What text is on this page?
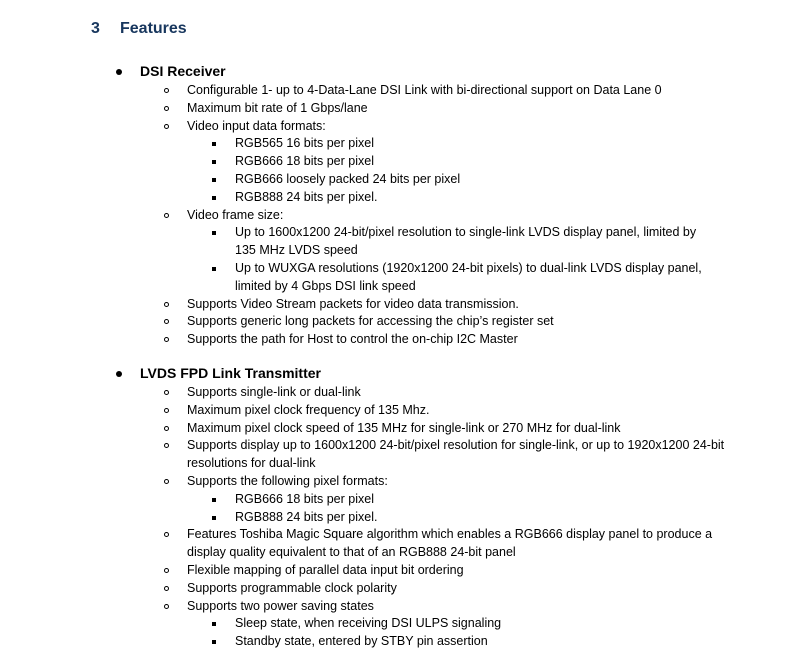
3 Features
DSI Receiver
Configurable 1- up to 4-Data-Lane DSI Link with bi-directional support on Data Lane 0
Maximum bit rate of 1 Gbps/lane
Video input data formats:
RGB565 16 bits per pixel
RGB666 18 bits per pixel
RGB666 loosely packed 24 bits per pixel
RGB888 24 bits per pixel.
Video frame size:
Up to 1600x1200 24-bit/pixel resolution to single-link LVDS display panel, limited by 135 MHz LVDS speed
Up to WUXGA resolutions (1920x1200 24-bit pixels) to dual-link LVDS display panel, limited by 4 Gbps DSI link speed
Supports Video Stream packets for video data transmission.
Supports generic long packets for accessing the chip’s register set
Supports the path for Host to control the on-chip I2C Master
LVDS FPD Link Transmitter
Supports single-link or dual-link
Maximum pixel clock frequency of 135 Mhz.
Maximum pixel clock speed of 135 MHz for single-link or 270 MHz for dual-link
Supports display up to 1600x1200 24-bit/pixel resolution for single-link, or up to 1920x1200 24-bit resolutions for dual-link
Supports the following pixel formats:
RGB666 18 bits per pixel
RGB888 24 bits per pixel.
Features Toshiba Magic Square algorithm which enables a RGB666 display panel to produce a display quality equivalent to that of an RGB888 24-bit panel
Flexible mapping of parallel data input bit ordering
Supports programmable clock polarity
Supports two power saving states
Sleep state, when receiving DSI ULPS signaling
Standby state, entered by STBY pin assertion
